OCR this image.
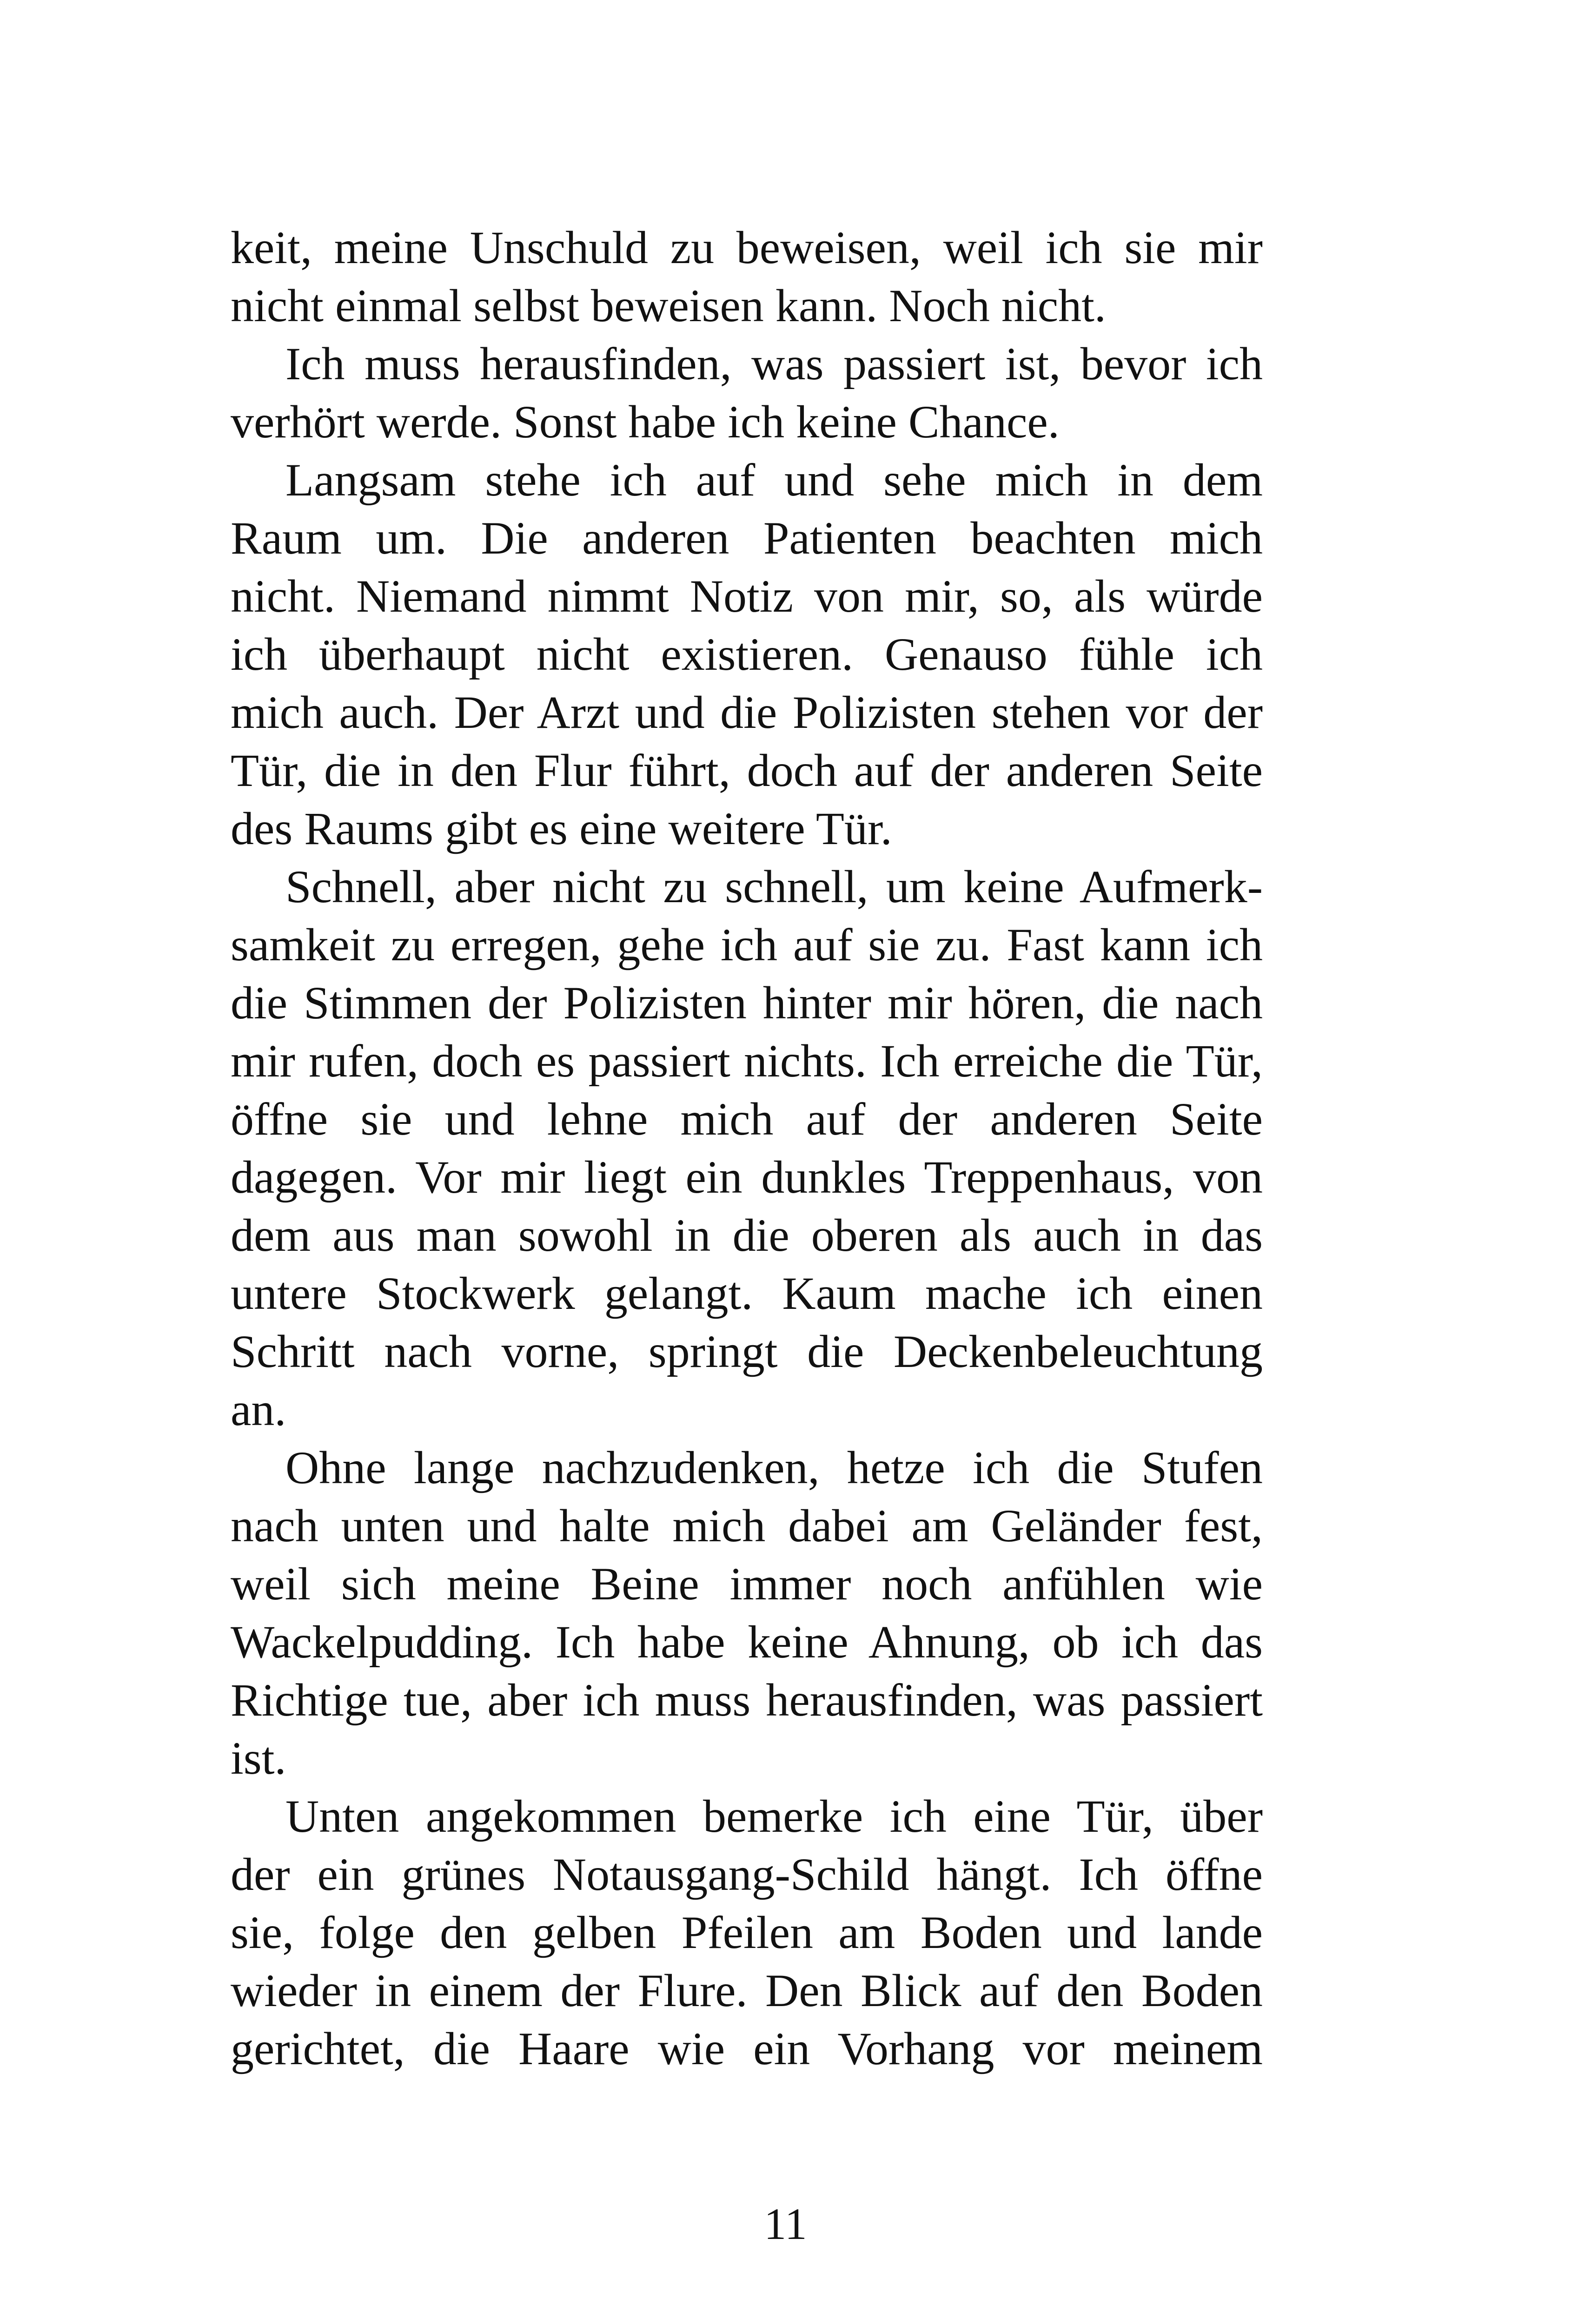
keit, meine Unschuld zu beweisen, weil ich sie mir
nicht einmal selbst beweisen kann. Noch nicht.
Ich muss herausfinden, was passiert ist, bevor ich
verhört werde. Sonst habe ich keine Chance.
Langsam stehe ich auf und sehe mich in dem
Raum um. Die anderen Patienten beachten mich
nicht. Niemand nimmt Notiz von mir, so, als würde
ich überhaupt nicht existieren. Genauso fühle ich
mich auch. Der Arzt und die Polizisten stehen vor der
Tür, die in den Flur führt, doch auf der anderen Seite
des Raums gibt es eine weitere Tür.
Schnell, aber nicht zu schnell, um keine Aufmerk-
samkeit zu erregen, gehe ich auf sie zu. Fast kann ich
die Stimmen der Polizisten hinter mir hören, die nach
mir rufen, doch es passiert nichts. Ich erreiche die Tür,
öffne sie und lehne mich auf der anderen Seite
dagegen. Vor mir liegt ein dunkles Treppenhaus, von
dem aus man sowohl in die oberen als auch in das
untere Stockwerk gelangt. Kaum mache ich einen
Schritt nach vorne, springt die Deckenbeleuchtung
an.
Ohne lange nachzudenken, hetze ich die Stufen
nach unten und halte mich dabei am Geländer fest,
weil sich meine Beine immer noch anfühlen wie
Wackelpudding. Ich habe keine Ahnung, ob ich das
Richtige tue, aber ich muss herausfinden, was passiert
ist.
Unten angekommen bemerke ich eine Tür, über
der ein grünes Notausgang-Schild hängt. Ich öffne
sie, folge den gelben Pfeilen am Boden und lande
wieder in einem der Flure. Den Blick auf den Boden
gerichtet, die Haare wie ein Vorhang vor meinem
11
